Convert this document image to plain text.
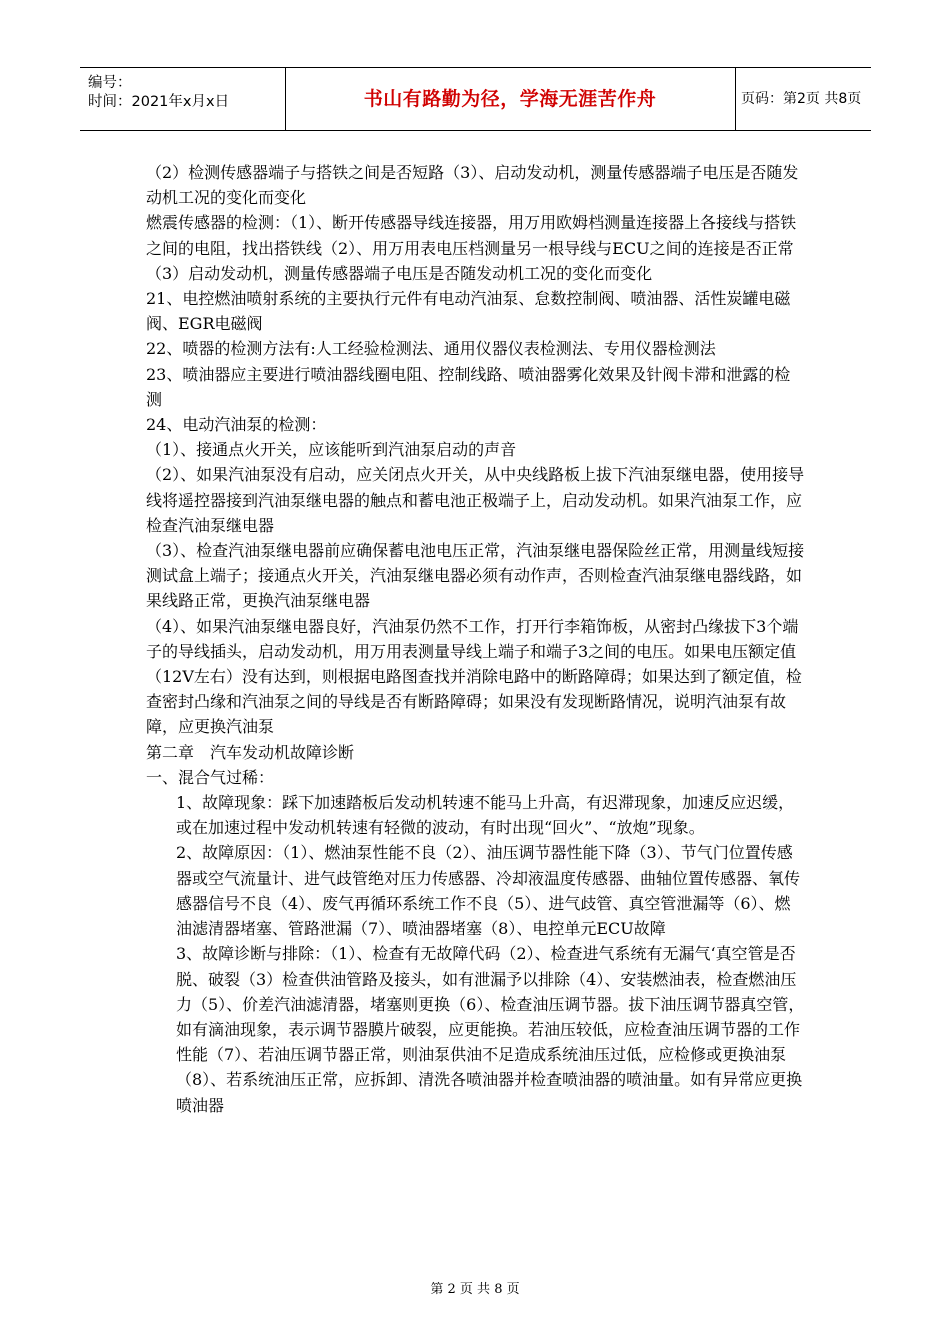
编号：
时间：2021年x月x日	书山有路勤为径，学海无涯苦作舟	页码：第2页 共8页

（2）检测传感器端子与搭铁之间是否短路（3）、启动发动机，测量传感器端子电压是否随发动机工况的变化而变化

燃震传感器的检测：（1）、断开传感器导线连接器，用万用欧姆档测量连接器上各接线与搭铁之间的电阻，找出搭铁线（2）、用万用表电压档测量另一根导线与ECU之间的连接是否正常（3）启动发动机，测量传感器端子电压是否随发动机工况的变化而变化

21、电控燃油喷射系统的主要执行元件有电动汽油泵、怠数控制阀、喷油器、活性炭罐电磁阀、EGR电磁阀

22、喷器的检测方法有:人工经验检测法、通用仪器仪表检测法、专用仪器检测法

23、喷油器应主要进行喷油器线圈电阻、控制线路、喷油器雾化效果及针阀卡滞和泄露的检测

24、电动汽油泵的检测：

（1）、接通点火开关，应该能听到汽油泵启动的声音

（2）、如果汽油泵没有启动，应关闭点火开关，从中央线路板上拔下汽油泵继电器，使用接导线将遥控器接到汽油泵继电器的触点和蓄电池正极端子上，启动发动机。如果汽油泵工作，应检查汽油泵继电器

（3）、检查汽油泵继电器前应确保蓄电池电压正常，汽油泵继电器保险丝正常，用测量线短接测试盒上端子；接通点火开关，汽油泵继电器必须有动作声，否则检查汽油泵继电器线路，如果线路正常，更换汽油泵继电器

（4）、如果汽油泵继电器良好，汽油泵仍然不工作，打开行李箱饰板，从密封凸缘拔下3个端子的导线插头，启动发动机，用万用表测量导线上端子和端子3之间的电压。如果电压额定值（12V左右）没有达到，则根据电路图查找并消除电路中的断路障碍；如果达到了额定值，检查密封凸缘和汽油泵之间的导线是否有断路障碍；如果没有发现断路情况，说明汽油泵有故障，应更换汽油泵

第二章　汽车发动机故障诊断

一、混合气过稀：

1、故障现象：踩下加速踏板后发动机转速不能马上升高，有迟滞现象，加速反应迟缓，或在加速过程中发动机转速有轻微的波动，有时出现“回火”、“放炮”现象。

2、故障原因：（1）、燃油泵性能不良（2）、油压调节器性能下降（3）、节气门位置传感器或空气流量计、进气歧管绝对压力传感器、冷却液温度传感器、曲轴位置传感器、氧传感器信号不良（4）、废气再循环系统工作不良（5）、进气歧管、真空管泄漏等（6）、燃油滤清器堵塞、管路泄漏（7）、喷油器堵塞（8）、电控单元ECU故障

3、故障诊断与排除：（1）、检查有无故障代码（2）、检查进气系统有无漏气‘真空管是否脱、破裂（3）检查供油管路及接头，如有泄漏予以排除（4）、安装燃油表，检查燃油压力（5）、价差汽油滤清器，堵塞则更换（6）、检查油压调节器。拔下油压调节器真空管，如有滴油现象，表示调节器膜片破裂，应更能换。若油压较低，应检查油压调节器的工作性能（7）、若油压调节器正常，则油泵供油不足造成系统油压过低，应检修或更换油泵（8）、若系统油压正常，应拆卸、清洗各喷油器并检查喷油器的喷油量。如有异常应更换喷油器

第 2 页 共 8 页
